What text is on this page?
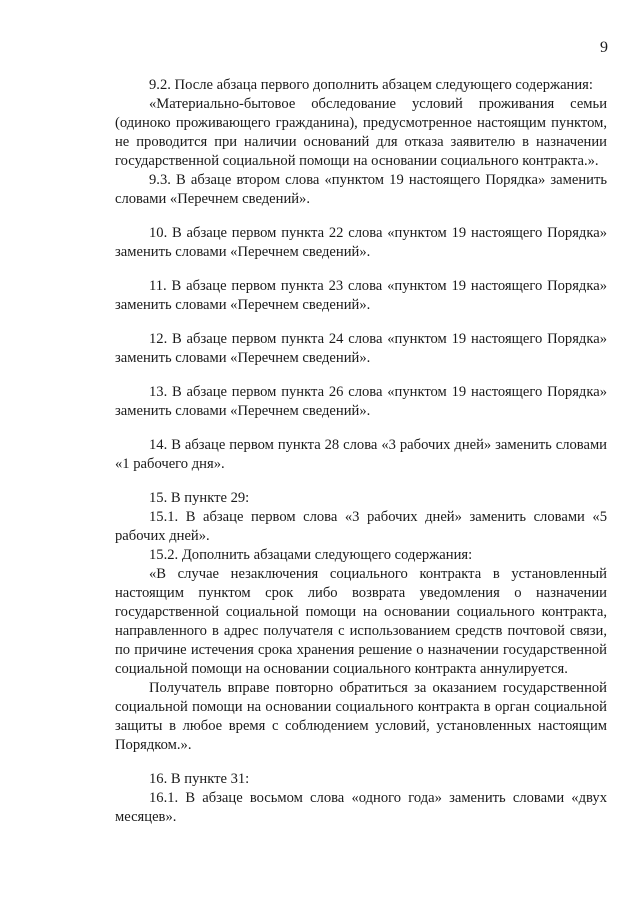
9

9.2. После абзаца первого дополнить абзацем следующего содержания:

«Материально-бытовое обследование условий проживания семьи (одиноко проживающего гражданина), предусмотренное настоящим пунктом, не проводится при наличии оснований для отказа заявителю в назначении государственной социальной помощи на основании социального контракта.».

9.3. В абзаце втором слова «пунктом 19 настоящего Порядка» заменить словами «Перечнем сведений».

10. В абзаце первом пункта 22 слова «пунктом 19 настоящего Порядка» заменить словами «Перечнем сведений».

11. В абзаце первом пункта 23 слова «пунктом 19 настоящего Порядка» заменить словами «Перечнем сведений».

12. В абзаце первом пункта 24 слова «пунктом 19 настоящего Порядка» заменить словами «Перечнем сведений».

13. В абзаце первом пункта 26 слова «пунктом 19 настоящего Порядка» заменить словами «Перечнем сведений».

14. В абзаце первом пункта 28 слова «3 рабочих дней» заменить словами «1 рабочего дня».

15. В пункте 29:

15.1. В абзаце первом слова «3 рабочих дней» заменить словами «5 рабочих дней».

15.2. Дополнить абзацами следующего содержания:

«В случае незаключения социального контракта в установленный настоящим пунктом срок либо возврата уведомления о назначении государственной социальной помощи на основании социального контракта, направленного в адрес получателя с использованием средств почтовой связи, по причине истечения срока хранения решение о назначении государственной социальной помощи на основании социального контракта аннулируется.

Получатель вправе повторно обратиться за оказанием государственной социальной помощи на основании социального контракта в орган социальной защиты в любое время с соблюдением условий, установленных настоящим Порядком.».

16. В пункте 31:

16.1. В абзаце восьмом слова «одного года» заменить словами «двух месяцев».
